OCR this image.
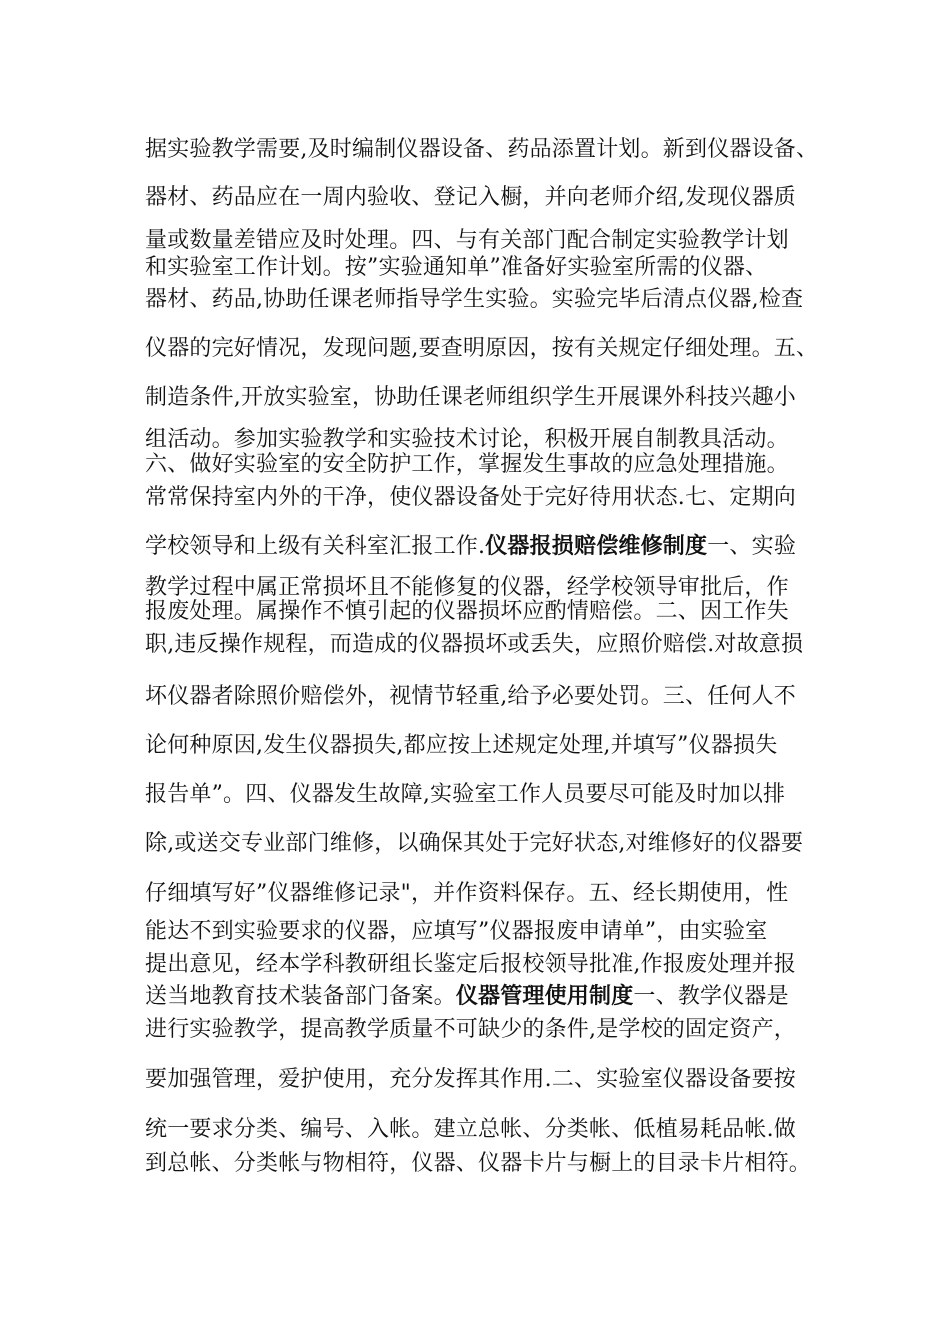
据实验教学需要,及时编制仪器设备、药品添置计划。新到仪器设备、
器材、药品应在一周内验收、登记入橱，并向老师介绍,发现仪器质
量或数量差错应及时处理。四、与有关部门配合制定实验教学计划
和实验室工作计划。按”实验通知单”准备好实验室所需的仪器、
器材、药品,协助任课老师指导学生实验。实验完毕后清点仪器,检查
仪器的完好情况，发现问题,要查明原因，按有关规定仔细处理。五、
制造条件,开放实验室，协助任课老师组织学生开展课外科技兴趣小
组活动。参加实验教学和实验技术讨论，积极开展自制教具活动。
六、做好实验室的安全防护工作，掌握发生事故的应急处理措施。
常常保持室内外的干净，使仪器设备处于完好待用状态.七、定期向
学校领导和上级有关科室汇报工作.仪器报损赔偿维修制度一、实验
教学过程中属正常损坏且不能修复的仪器，经学校领导审批后，作
报废处理。属操作不慎引起的仪器损坏应酌情赔偿。二、因工作失
职,违反操作规程，而造成的仪器损坏或丢失，应照价赔偿.对故意损
坏仪器者除照价赔偿外，视情节轻重,给予必要处罚。三、任何人不
论何种原因,发生仪器损失,都应按上述规定处理,并填写”仪器损失
报告单”。四、仪器发生故障,实验室工作人员要尽可能及时加以排
除,或送交专业部门维修，以确保其处于完好状态,对维修好的仪器要
仔细填写好”仪器维修记录"，并作资料保存。五、经长期使用，性
能达不到实验要求的仪器，应填写”仪器报废申请单”，由实验室
提出意见，经本学科教研组长鉴定后报校领导批准,作报废处理并报
送当地教育技术装备部门备案。仪器管理使用制度一、教学仪器是
进行实验教学，提高教学质量不可缺少的条件,是学校的固定资产，
要加强管理，爱护使用，充分发挥其作用.二、实验室仪器设备要按
统一要求分类、编号、入帐。建立总帐、分类帐、低植易耗品帐.做
到总帐、分类帐与物相符，仪器、仪器卡片与橱上的目录卡片相符。
